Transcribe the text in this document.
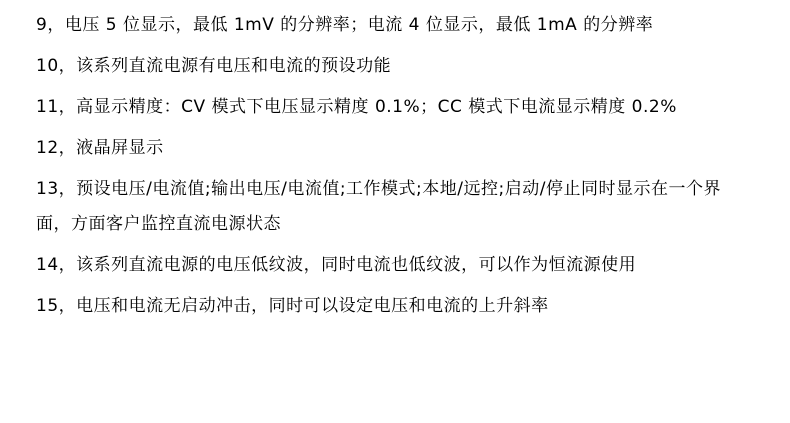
9，电压 5 位显示，最低 1mV 的分辨率；电流 4 位显示，最低 1mA 的分辨率

10，该系列直流电源有电压和电流的预设功能

11，高显示精度：CV 模式下电压显示精度 0.1%；CC 模式下电流显示精度 0.2%

12，液晶屏显示

13，预设电压/电流值;输出电压/电流值;工作模式;本地/远控;启动/停止同时显示在一个界面，方面客户监控直流电源状态

14，该系列直流电源的电压低纹波，同时电流也低纹波，可以作为恒流源使用

15，电压和电流无启动冲击，同时可以设定电压和电流的上升斜率
